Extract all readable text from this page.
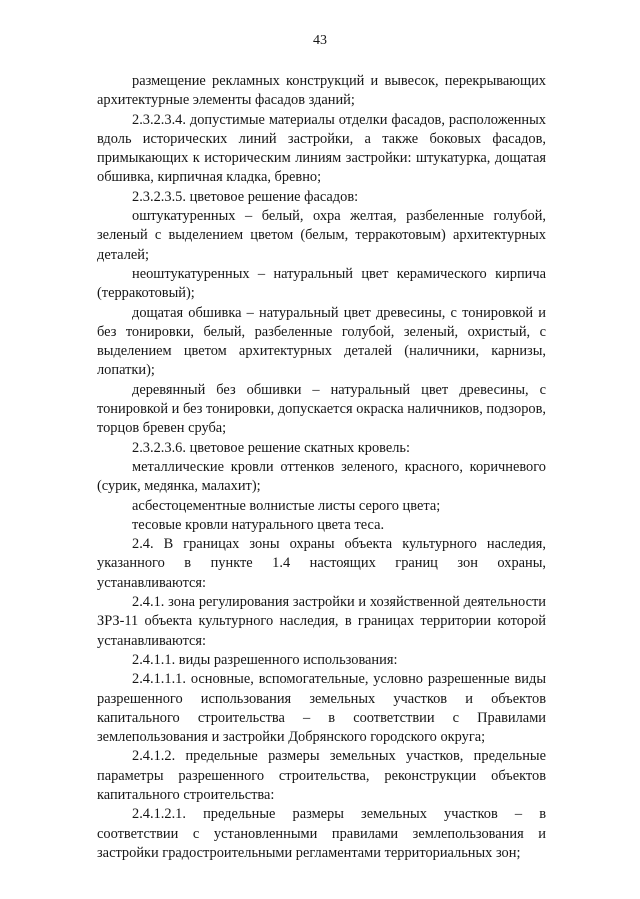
43

размещение рекламных конструкций и вывесок, перекрывающих архитектурные элементы фасадов зданий;

2.3.2.3.4. допустимые материалы отделки фасадов, расположенных вдоль исторических линий застройки, а также боковых фасадов, примыкающих к историческим линиям застройки: штукатурка, дощатая обшивка, кирпичная кладка, бревно;

2.3.2.3.5. цветовое решение фасадов:

оштукатуренных – белый, охра желтая, разбеленные голубой, зеленый с выделением цветом (белым, терракотовым) архитектурных деталей;

неоштукатуренных – натуральный цвет керамического кирпича (терракотовый);

дощатая обшивка – натуральный цвет древесины, с тонировкой и без тонировки, белый, разбеленные голубой, зеленый, охристый, с выделением цветом архитектурных деталей (наличники, карнизы, лопатки);

деревянный без обшивки – натуральный цвет древесины, с тонировкой и без тонировки, допускается окраска наличников, подзоров, торцов бревен сруба;

2.3.2.3.6. цветовое решение скатных кровель:

металлические кровли оттенков зеленого, красного, коричневого (сурик, медянка, малахит);

асбестоцементные волнистые листы серого цвета;

тесовые кровли натурального цвета теса.

2.4. В границах зоны охраны объекта культурного наследия, указанного в пункте 1.4 настоящих границ зон охраны, устанавливаются:

2.4.1. зона регулирования застройки и хозяйственной деятельности ЗРЗ-11 объекта культурного наследия, в границах территории которой устанавливаются:

2.4.1.1. виды разрешенного использования:

2.4.1.1.1. основные, вспомогательные, условно разрешенные виды разрешенного использования земельных участков и объектов капитального строительства – в соответствии с Правилами землепользования и застройки Добрянского городского округа;

2.4.1.2. предельные размеры земельных участков, предельные параметры разрешенного строительства, реконструкции объектов капитального строительства:

2.4.1.2.1. предельные размеры земельных участков – в соответствии с установленными правилами землепользования и застройки градостроительными регламентами территориальных зон;
